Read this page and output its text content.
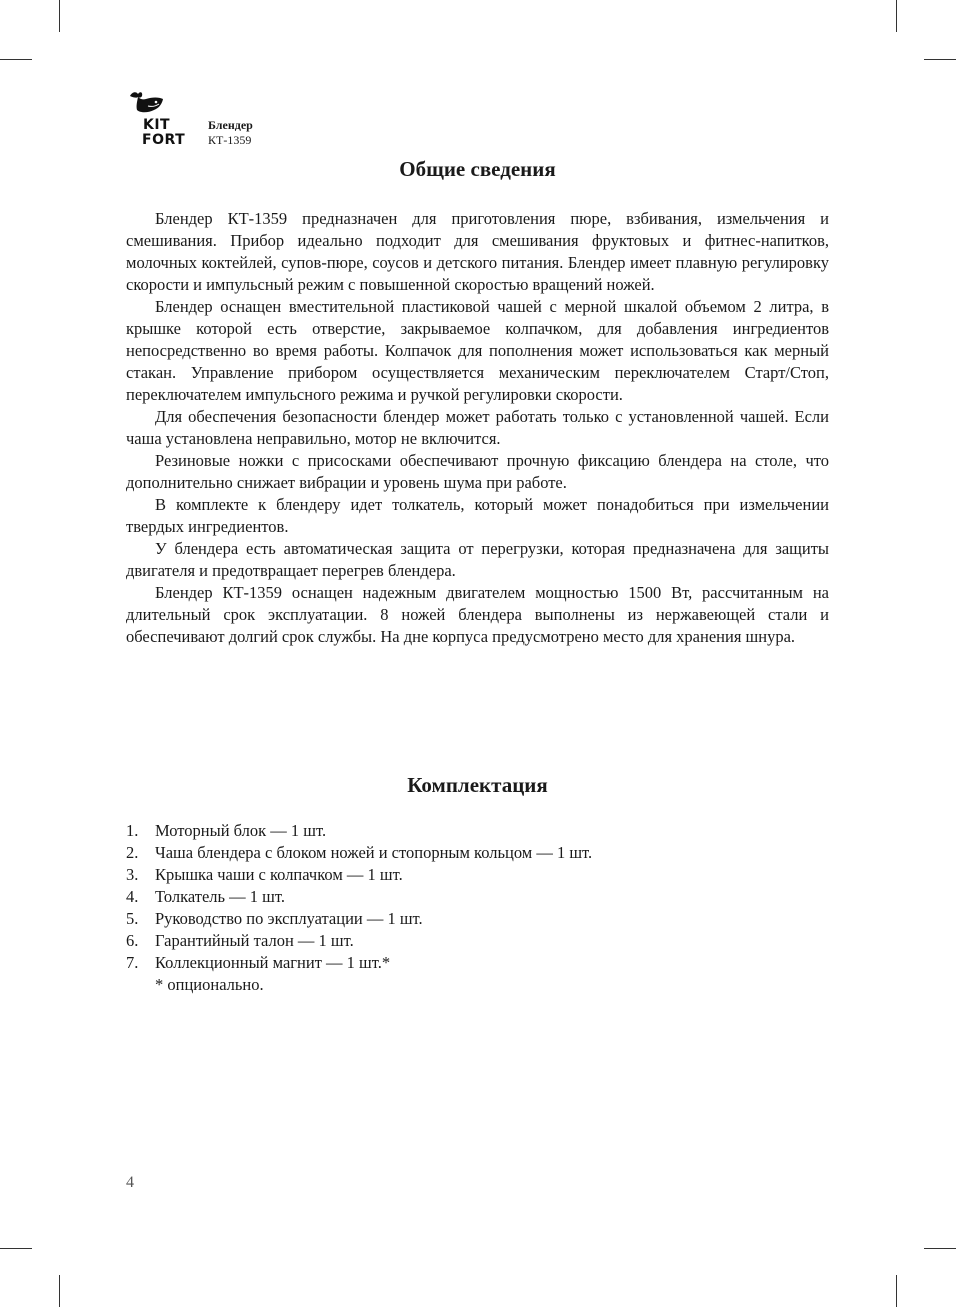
KIT
FORT
Блендер
КТ-1359
Общие сведения

Блендер КТ-1359 предназначен для приготовления пюре, взбивания, измельчения и смешивания. Прибор идеально подходит для смешивания фруктовых и фитнес-напитков, молочных коктейлей, супов-пюре, соусов и детского питания. Блендер имеет плавную регулировку скорости и импульсный режим с повышенной скоростью вращений ножей.

Блендер оснащен вместительной пластиковой чашей с мерной шкалой объемом 2 литра, в крышке которой есть отверстие, закрываемое колпачком, для добавления ингредиентов непосредственно во время работы. Колпачок для пополнения может использоваться как мерный стакан. Управление прибором осуществляется механическим переключателем Старт/Стоп, переключателем импульсного режима и ручкой регулировки скорости.

Для обеспечения безопасности блендер может работать только с установленной чашей. Если чаша установлена неправильно, мотор не включится.

Резиновые ножки с присосками обеспечивают прочную фиксацию блендера на столе, что дополнительно снижает вибрации и уровень шума при работе.

В комплекте к блендеру идет толкатель, который может понадобиться при измельчении твердых ингредиентов.

У блендера есть автоматическая защита от перегрузки, которая предназначена для защиты двигателя и предотвращает перегрев блендера.

Блендер КТ-1359 оснащен надежным двигателем мощностью 1500 Вт, рассчитанным на длительный срок эксплуатации. 8 ножей блендера выполнены из нержавеющей стали и обеспечивают долгий срок службы. На дне корпуса предусмотрено место для хранения шнура.

Комплектация
1. Моторный блок — 1 шт.
2. Чаша блендера с блоком ножей и стопорным кольцом — 1 шт.
3. Крышка чаши с колпачком — 1 шт.
4. Толкатель — 1 шт.
5. Руководство по эксплуатации — 1 шт.
6. Гарантийный талон — 1 шт.
7. Коллекционный магнит — 1 шт.*
* опционально.
4
